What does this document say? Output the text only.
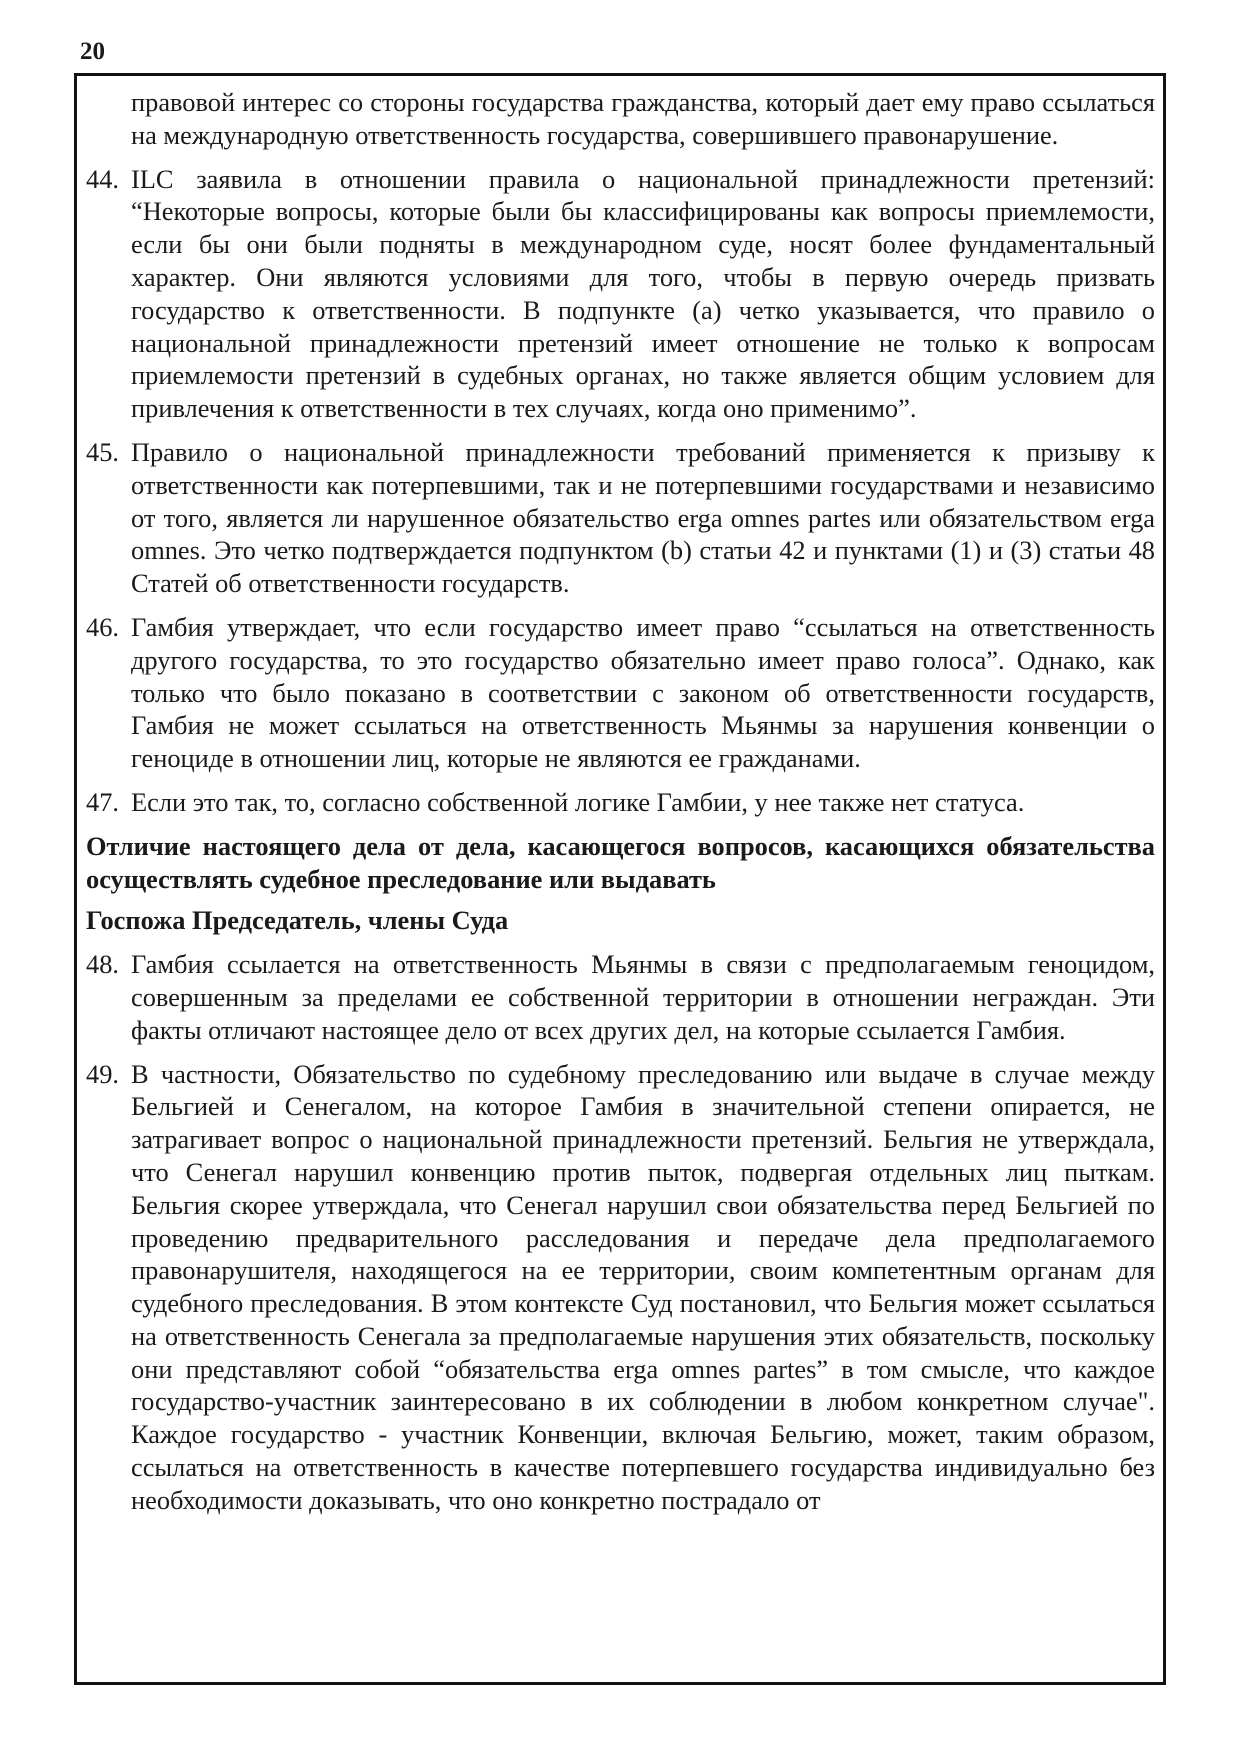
20

правовой интерес со стороны государства гражданства, который дает ему право ссылаться на международную ответственность государства, совершившего правонарушение.

44. ILC заявила в отношении правила о национальной принадлежности претензий: “Некоторые вопросы, которые были бы классифицированы как вопросы приемлемости, если бы они были подняты в международном суде, носят более фундаментальный характер. Они являются условиями для того, чтобы в первую очередь призвать государство к ответственности. В подпункте (а) четко указывается, что правило о национальной принадлежности претензий имеет отношение не только к вопросам приемлемости претензий в судебных органах, но также является общим условием для привлечения к ответственности в тех случаях, когда оно применимо”.

45. Правило о национальной принадлежности требований применяется к призыву к ответственности как потерпевшими, так и не потерпевшими государствами и независимо от того, является ли нарушенное обязательство erga omnes partes или обязательством erga omnes. Это четко подтверждается подпунктом (b) статьи 42 и пунктами (1) и (3) статьи 48 Статей об ответственности государств.

46. Гамбия утверждает, что если государство имеет право “ссылаться на ответственность другого государства, то это государство обязательно имеет право голоса”. Однако, как только что было показано в соответствии с законом об ответственности государств, Гамбия не может ссылаться на ответственность Мьянмы за нарушения конвенции о геноциде в отношении лиц, которые не являются ее гражданами.

47. Если это так, то, согласно собственной логике Гамбии, у нее также нет статуса.

Отличие настоящего дела от дела, касающегося вопросов, касающихся обязательства осуществлять судебное преследование или выдавать

Госпожа Председатель, члены Суда

48. Гамбия ссылается на ответственность Мьянмы в связи с предполагаемым геноцидом, совершенным за пределами ее собственной территории в отношении неграждан. Эти факты отличают настоящее дело от всех других дел, на которые ссылается Гамбия.

49. В частности, Обязательство по судебному преследованию или выдаче в случае между Бельгией и Сенегалом, на которое Гамбия в значительной степени опирается, не затрагивает вопрос о национальной принадлежности претензий. Бельгия не утверждала, что Сенегал нарушил конвенцию против пыток, подвергая отдельных лиц пыткам. Бельгия скорее утверждала, что Сенегал нарушил свои обязательства перед Бельгией по проведению предварительного расследования и передаче дела предполагаемого правонарушителя, находящегося на ее территории, своим компетентным органам для судебного преследования. В этом контексте Суд постановил, что Бельгия может ссылаться на ответственность Сенегала за предполагаемые нарушения этих обязательств, поскольку они представляют собой “обязательства erga omnes partes” в том смысле, что каждое государство-участник заинтересовано в их соблюдении в любом конкретном случае". Каждое государство - участник Конвенции, включая Бельгию, может, таким образом, ссылаться на ответственность в качестве потерпевшего государства индивидуально без необходимости доказывать, что оно конкретно пострадало от
